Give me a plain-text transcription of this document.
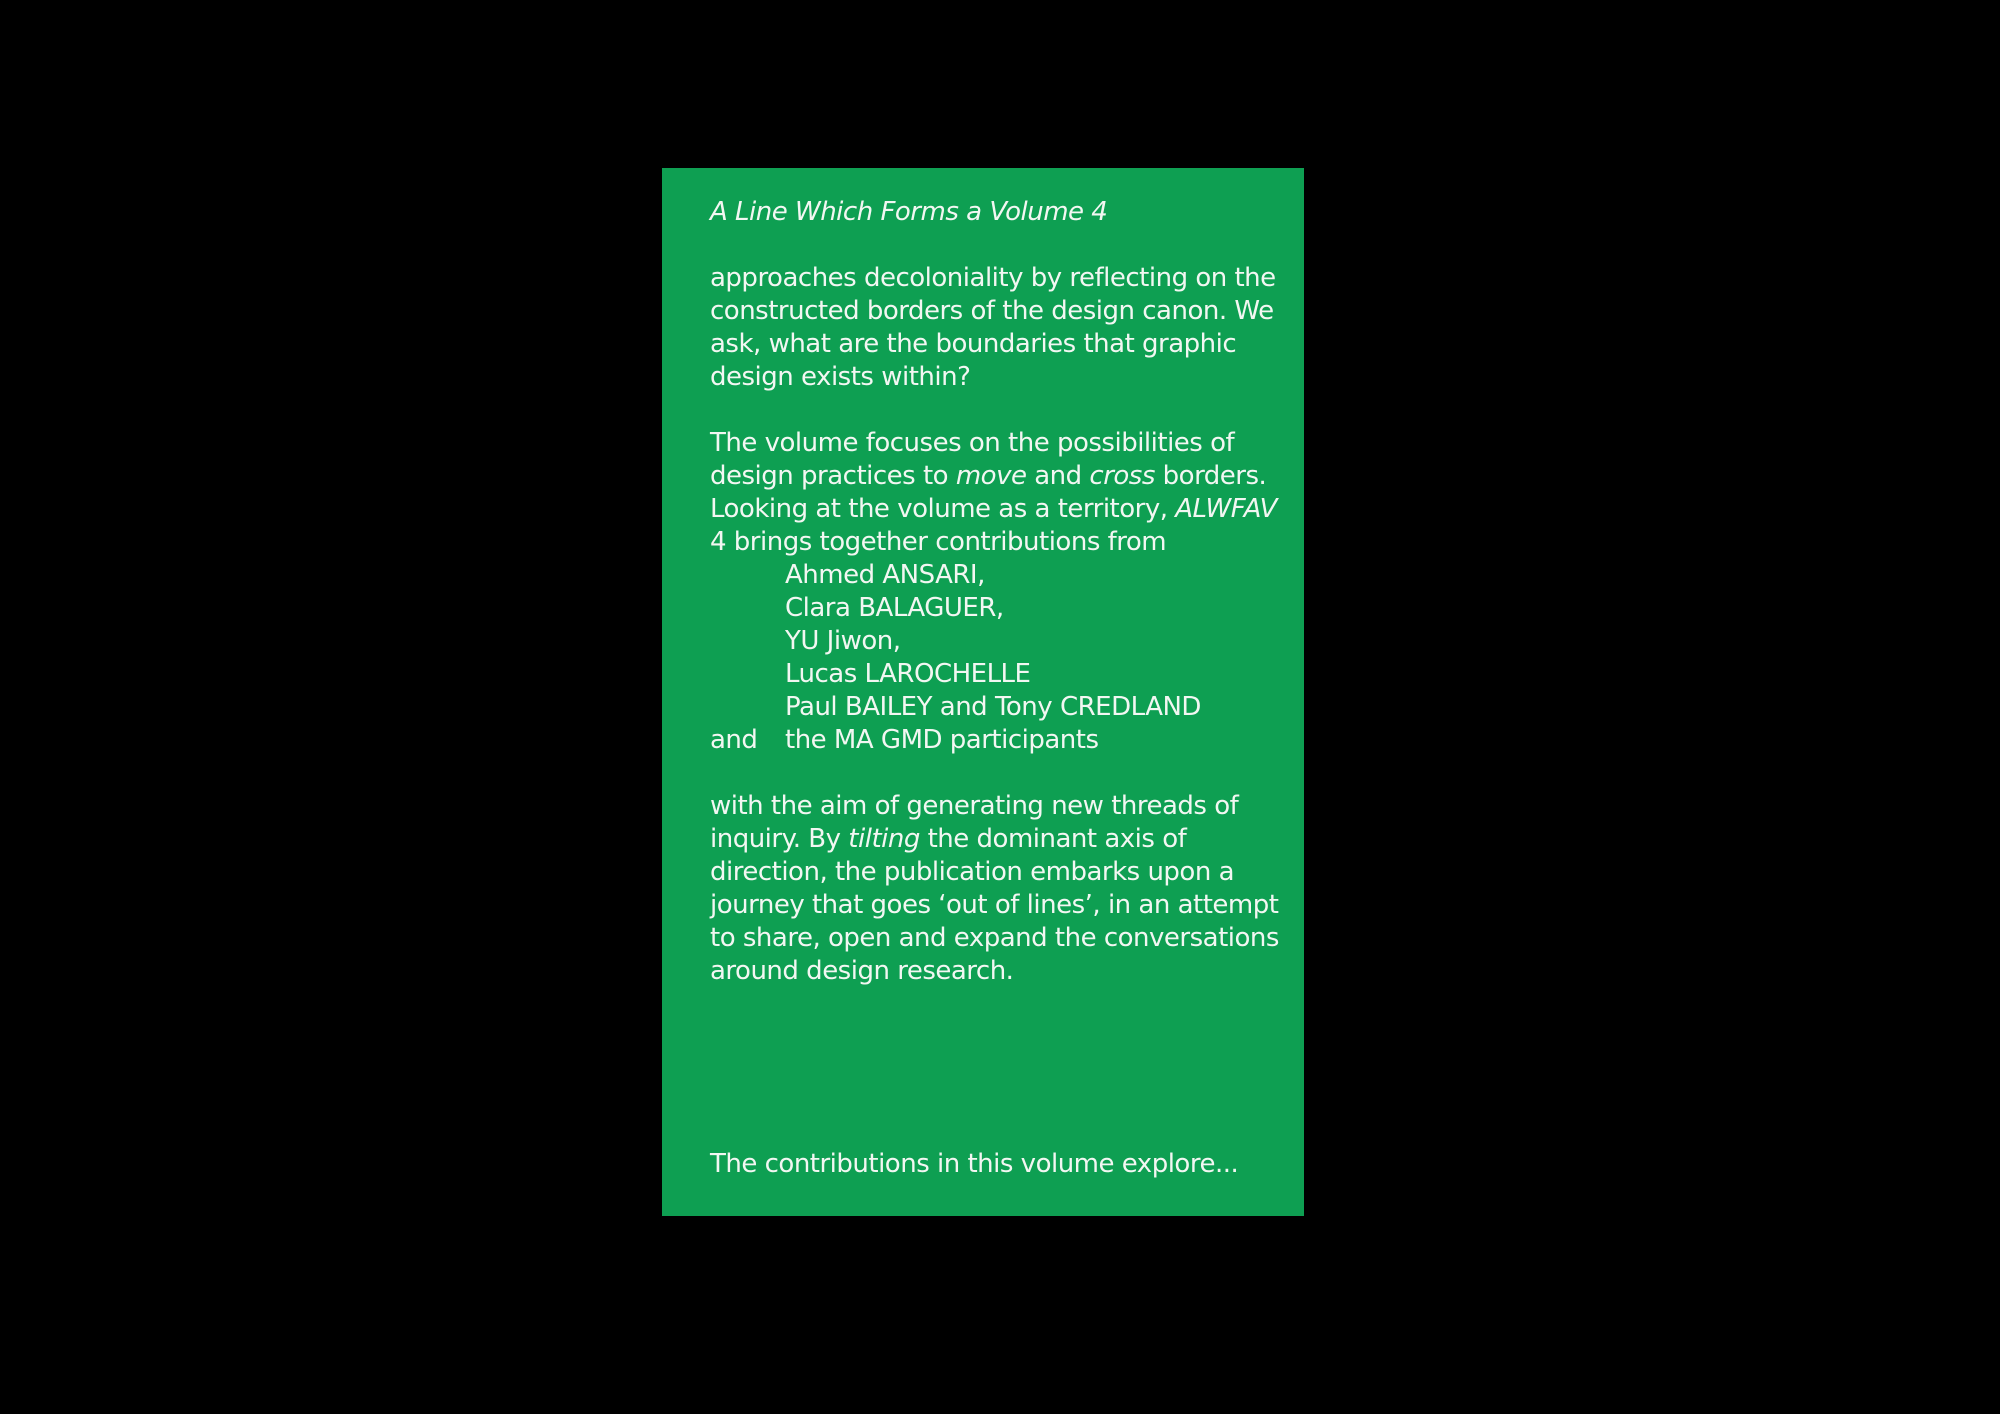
A Line Which Forms a Volume 4

approaches decoloniality by reflecting on the constructed borders of the design canon. We ask, what are the boundaries that graphic design exists within?

The volume focuses on the possibilities of design practices to move and cross borders. Looking at the volume as a territory, ALWFAV 4 brings together contributions from

Ahmed ANSARI,
Clara BALAGUER,
YU Jiwon,
Lucas LAROCHELLE
Paul BAILEY and Tony CREDLAND
and	the MA GMD participants

with the aim of generating new threads of inquiry. By tilting the dominant axis of direction, the publication embarks upon a journey that goes ‘out of lines’, in an attempt to share, open and expand the conversations around design research.

The contributions in this volume explore...
